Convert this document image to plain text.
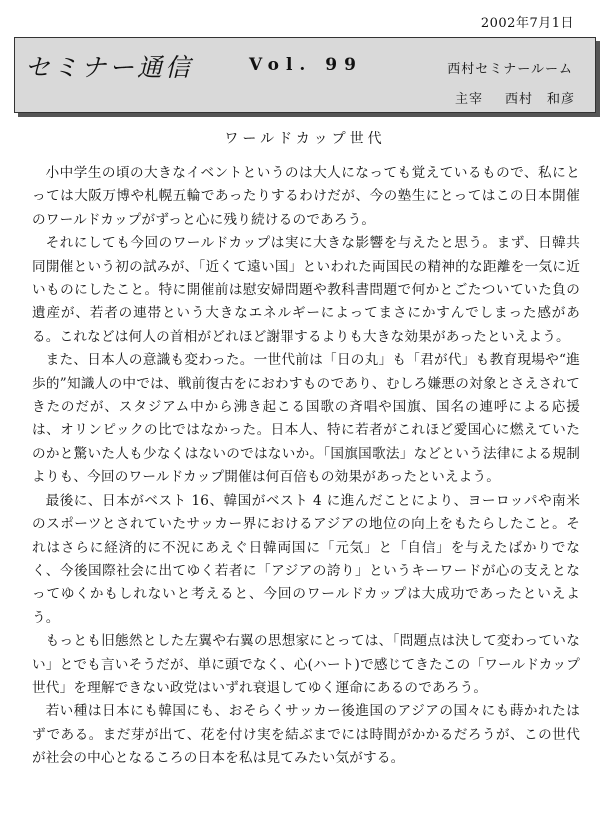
2002年7月1日
セミナー通信	Vol. 99	西村セミナールーム
主宰 西村 和彦
ワールドカップ世代

小中学生の頃の大きなイベントというのは大人になっても覚えているもので、私にとっては大阪万博や札幌五輪であったりするわけだが、今の塾生にとってはこの日本開催のワールドカップがずっと心に残り続けるのであろう。

それにしても今回のワールドカップは実に大きな影響を与えたと思う。まず、日韓共同開催という初の試みが、「近くて遠い国」といわれた両国民の精神的な距離を一気に近いものにしたこと。特に開催前は慰安婦問題や教科書問題で何かとごたついていた負の遺産が、若者の連帯という大きなエネルギーによってまさにかすんでしまった感がある。これなどは何人の首相がどれほど謝罪するよりも大きな効果があったといえよう。

また、日本人の意識も変わった。一世代前は「日の丸」も「君が代」も教育現場や“進歩的”知識人の中では、戦前復古をにおわすものであり、むしろ嫌悪の対象とさえされてきたのだが、スタジアム中から沸き起こる国歌の斉唱や国旗、国名の連呼による応援は、オリンピックの比ではなかった。日本人、特に若者がこれほど愛国心に燃えていたのかと驚いた人も少なくはないのではないか。「国旗国歌法」などという法律による規制よりも、今回のワールドカップ開催は何百倍もの効果があったといえよう。

最後に、日本がベスト 16、韓国がベスト 4 に進んだことにより、ヨーロッパや南米のスポーツとされていたサッカー界におけるアジアの地位の向上をもたらしたこと。それはさらに経済的に不況にあえぐ日韓両国に「元気」と「自信」を与えたばかりでなく、今後国際社会に出てゆく若者に「アジアの誇り」というキーワードが心の支えとなってゆくかもしれないと考えると、今回のワールドカップは大成功であったといえよう。

もっとも旧態然とした左翼や右翼の思想家にとっては、「問題点は決して変わっていない」とでも言いそうだが、単に頭でなく、心(ハート)で感じてきたこの「ワールドカップ世代」を理解できない政党はいずれ衰退してゆく運命にあるのであろう。

若い種は日本にも韓国にも、おそらくサッカー後進国のアジアの国々にも蒔かれたはずである。まだ芽が出て、花を付け実を結ぶまでには時間がかかるだろうが、この世代が社会の中心となるころの日本を私は見てみたい気がする。
